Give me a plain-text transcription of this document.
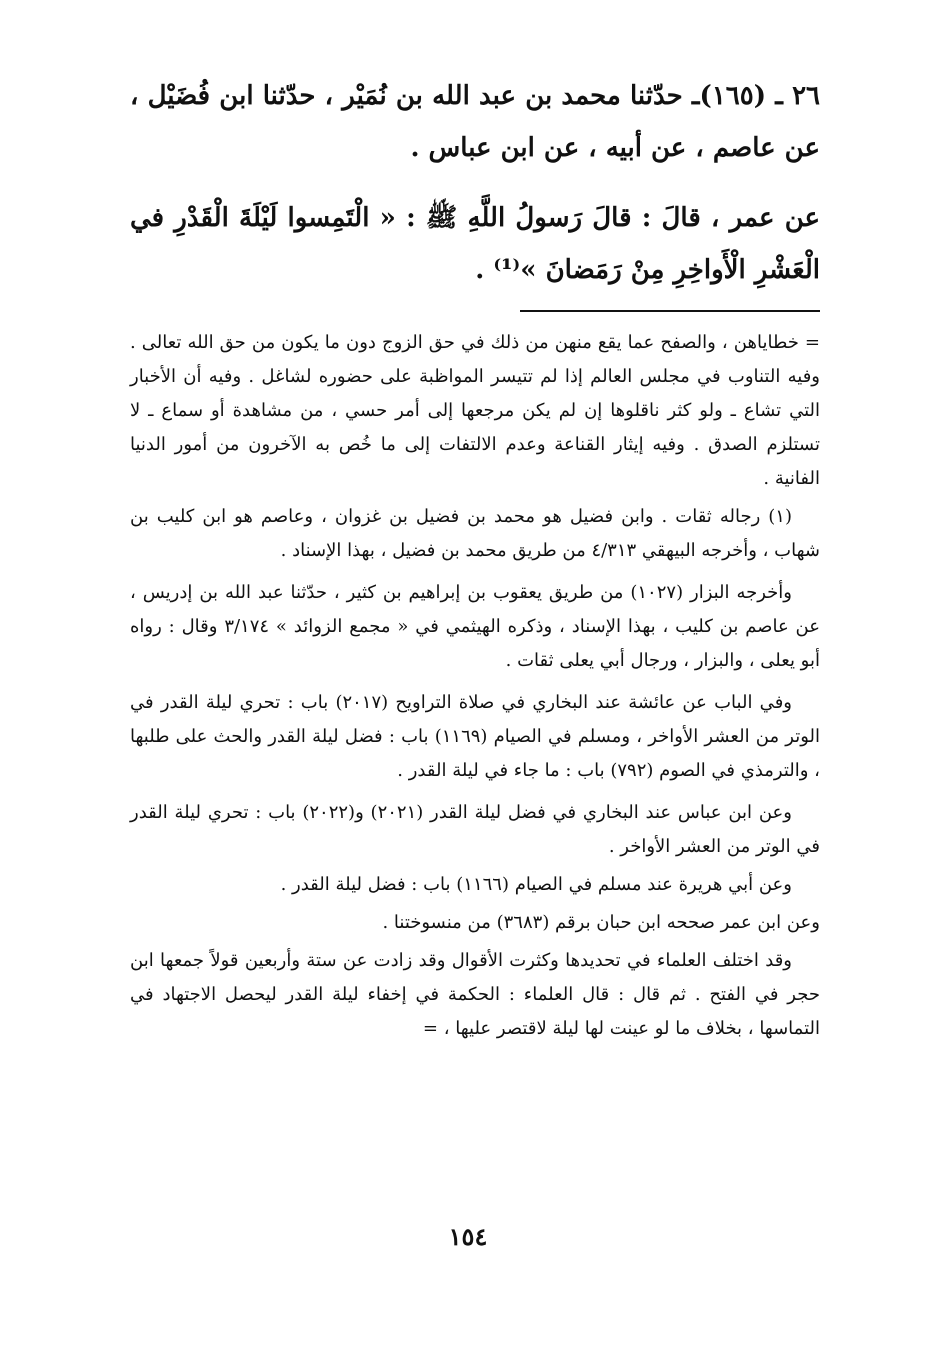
٢٦ ـ (١٦٥)ـ حدّثنا محمد بن عبد الله بن نُمَيْر ، حدّثنا ابن فُضَيْل ، عن عاصم ، عن أبيه ، عن ابن عباس .

عن عمر ، قالَ : قالَ رَسولُ اللَّهِ ﷺ : « الْتَمِسوا لَيْلَةَ الْقَدْرِ في الْعَشْرِ الْأَواخِرِ مِنْ رَمَضانَ »⁽¹⁾ .

= خطاياهن ، والصفح عما يقع منهن من ذلك في حق الزوج دون ما يكون من حق الله تعالى . وفيه التناوب في مجلس العالم إذا لم تتيسر المواظبة على حضوره لشاغل . وفيه أن الأخبار التي تشاع ـ ولو كثر ناقلوها إن لم يكن مرجعها إلى أمر حسي ، من مشاهدة أو سماع ـ لا تستلزم الصدق . وفيه إيثار القناعة وعدم الالتفات إلى ما خُص به الآخرون من أمور الدنيا الفانية .

(١) رجاله ثقات . وابن فضيل هو محمد بن فضيل بن غزوان ، وعاصم هو ابن كليب بن شهاب ، وأخرجه البيهقي ٤/٣١٣ من طريق محمد بن فضيل ، بهذا الإسناد .

وأخرجه البزار (١٠٢٧) من طريق يعقوب بن إبراهيم بن كثير ، حدّثنا عبد الله بن إدريس ، عن عاصم بن كليب ، بهذا الإسناد ، وذكره الهيثمي في « مجمع الزوائد » ٣/١٧٤ وقال : رواه أبو يعلى ، والبزار ، ورجال أبي يعلى ثقات .

وفي الباب عن عائشة عند البخاري في صلاة التراويح (٢٠١٧) باب : تحري ليلة القدر في الوتر من العشر الأواخر ، ومسلم في الصيام (١١٦٩) باب : فضل ليلة القدر والحث على طلبها ، والترمذي في الصوم (٧٩٢) باب : ما جاء في ليلة القدر .

وعن ابن عباس عند البخاري في فضل ليلة القدر (٢٠٢١) و(٢٠٢٢) باب : تحري ليلة القدر في الوتر من العشر الأواخر .

وعن أبي هريرة عند مسلم في الصيام (١١٦٦) باب : فضل ليلة القدر .

وعن ابن عمر صححه ابن حبان برقم (٣٦٨٣) من منسوختنا .

وقد اختلف العلماء في تحديدها وكثرت الأقوال وقد زادت عن ستة وأربعين قولاً جمعها ابن حجر في الفتح . ثم قال : قال العلماء : الحكمة في إخفاء ليلة القدر ليحصل الاجتهاد في التماسها ، بخلاف ما لو عينت لها ليلة لاقتصر عليها ، =

١٥٤
